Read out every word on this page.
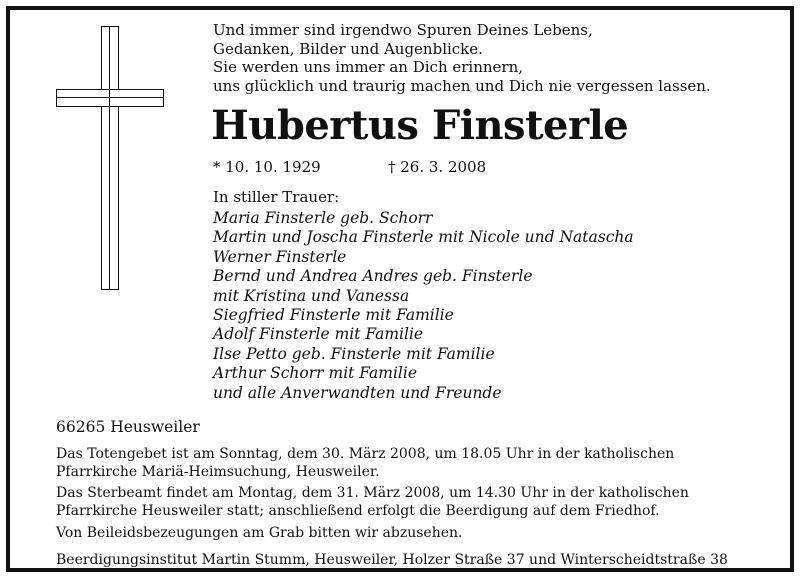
Und immer sind irgendwo Spuren Deines Lebens,
Gedanken, Bilder und Augenblicke.
Sie werden uns immer an Dich erinnern,
uns glücklich und traurig machen und Dich nie vergessen lassen.
Hubertus Finsterle
* 10. 10. 1929	† 26. 3. 2008
In stiller Trauer:
Maria Finsterle geb. Schorr
Martin und Joscha Finsterle mit Nicole und Natascha
Werner Finsterle
Bernd und Andrea Andres geb. Finsterle
mit Kristina und Vanessa
Siegfried Finsterle mit Familie
Adolf Finsterle mit Familie
Ilse Petto geb. Finsterle mit Familie
Arthur Schorr mit Familie
und alle Anverwandten und Freunde
66265 Heusweiler
Das Totengebet ist am Sonntag, dem 30. März 2008, um 18.05 Uhr in der katholischen
Pfarrkirche Mariä-Heimsuchung, Heusweiler.
Das Sterbeamt findet am Montag, dem 31. März 2008, um 14.30 Uhr in der katholischen
Pfarrkirche Heusweiler statt; anschließend erfolgt die Beerdigung auf dem Friedhof.
Von Beileidsbezeugungen am Grab bitten wir abzusehen.
Beerdigungsinstitut Martin Stumm, Heusweiler, Holzer Straße 37 und Winterscheidtstraße 38
